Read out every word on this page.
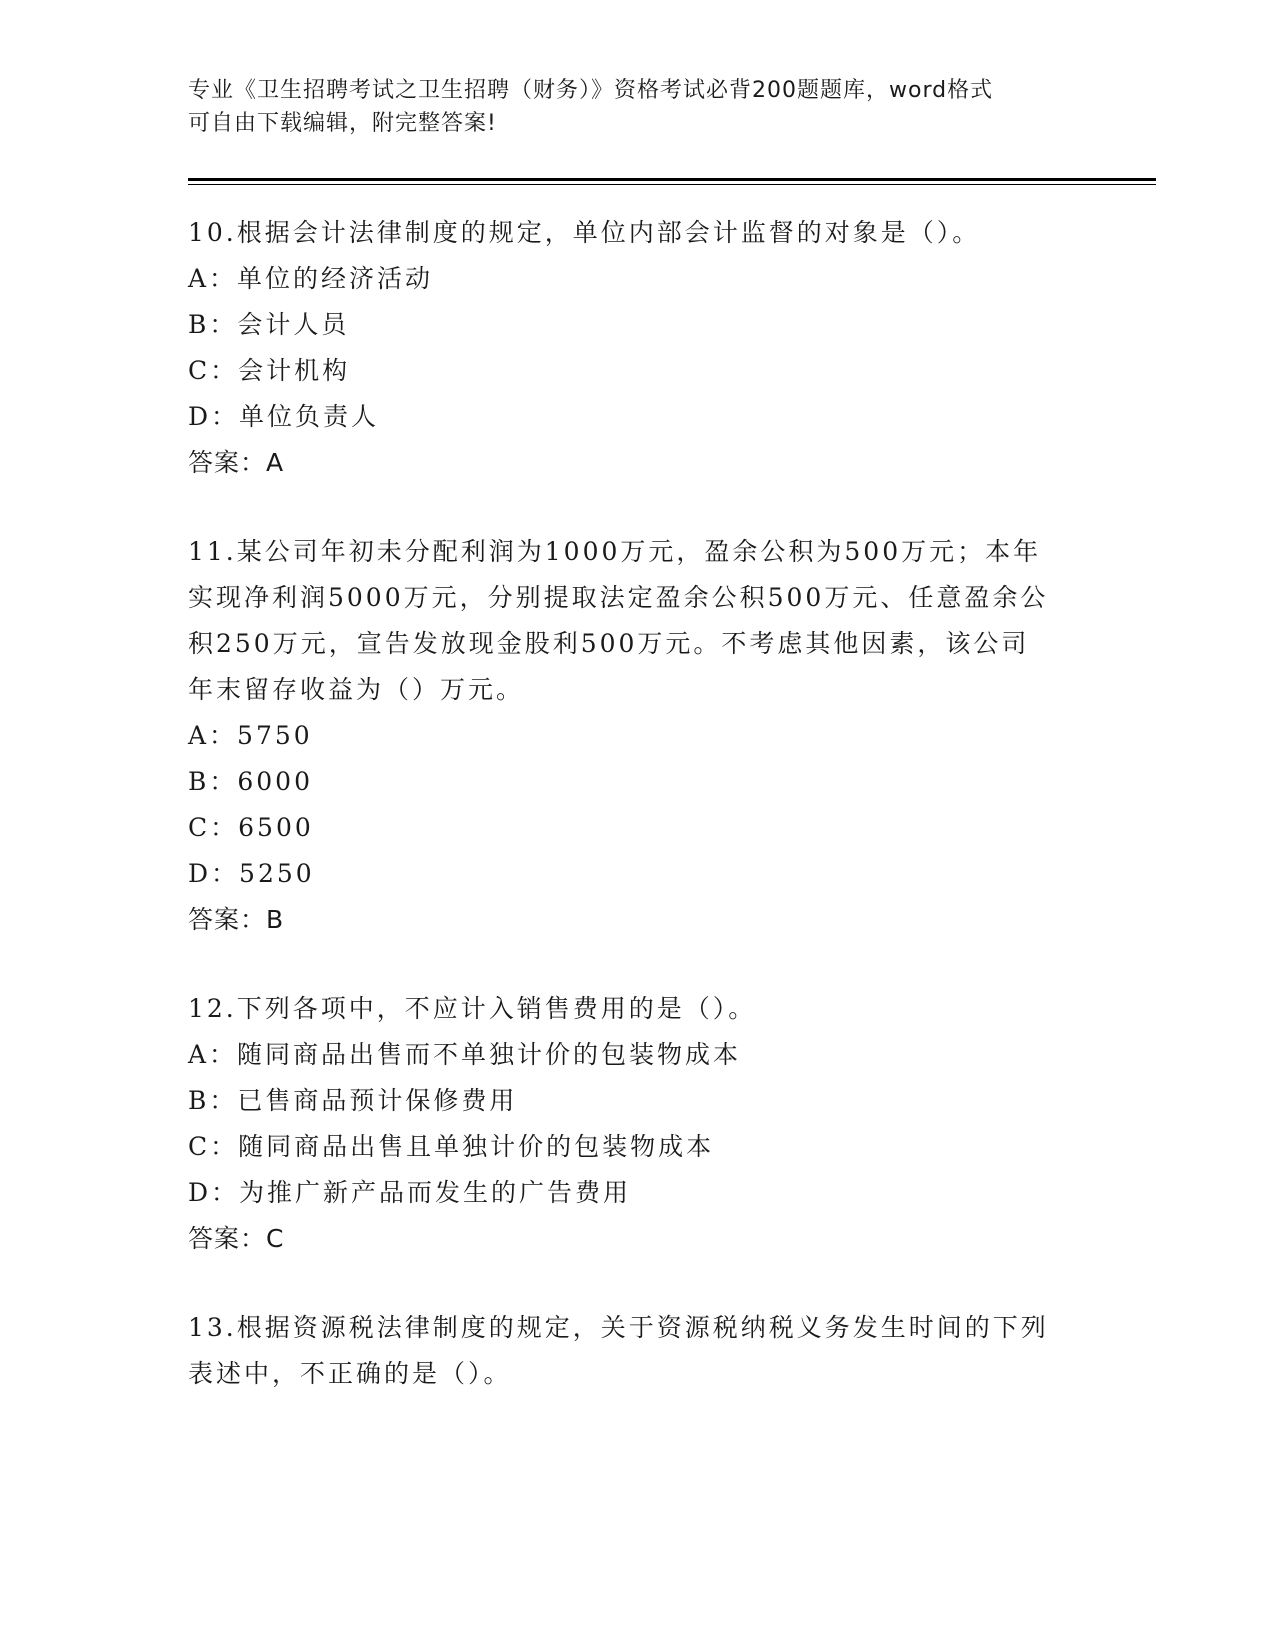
专业《卫生招聘考试之卫生招聘（财务）》资格考试必背200题题库，word格式
可自由下载编辑，附完整答案!
10.根据会计法律制度的规定，单位内部会计监督的对象是（）。
A：单位的经济活动
B：会计人员
C：会计机构
D：单位负责人
答案：A
11.某公司年初未分配利润为1000万元，盈余公积为500万元；本年
实现净利润5000万元，分别提取法定盈余公积500万元、任意盈余公
积250万元，宣告发放现金股利500万元。不考虑其他因素，该公司
年末留存收益为（）万元。
A：5750
B：6000
C：6500
D：5250
答案：B
12.下列各项中，不应计入销售费用的是（）。
A：随同商品出售而不单独计价的包装物成本
B：已售商品预计保修费用
C：随同商品出售且单独计价的包装物成本
D：为推广新产品而发生的广告费用
答案：C
13.根据资源税法律制度的规定，关于资源税纳税义务发生时间的下列
表述中，不正确的是（）。
